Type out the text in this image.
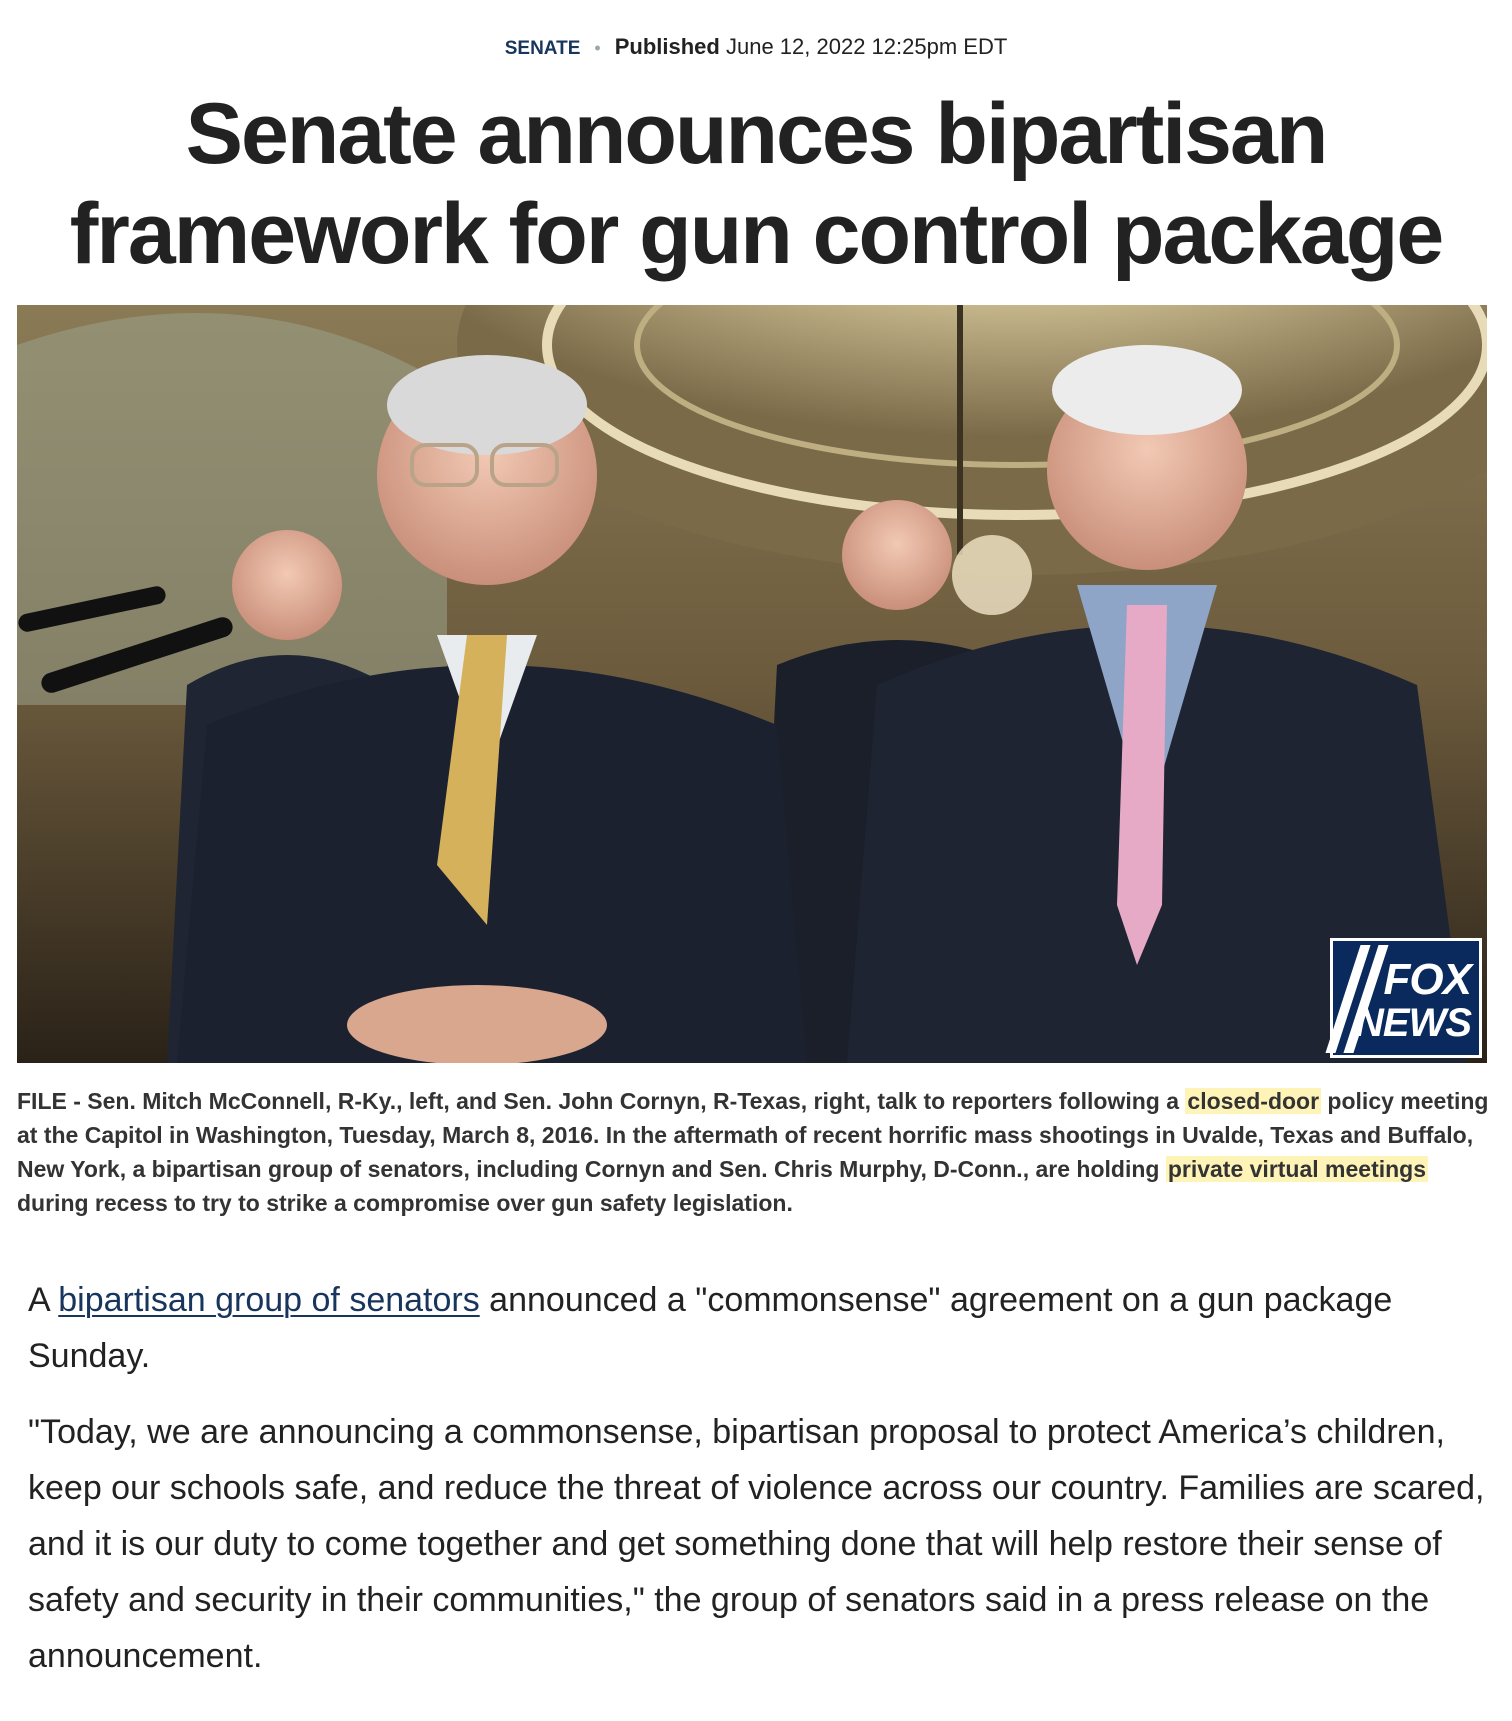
SENATE • Published June 12, 2022 12:25pm EDT
Senate announces bipartisan
framework for gun control package
FOX
NEWS

FILE - Sen. Mitch McConnell, R-Ky., left, and Sen. John Cornyn, R-Texas, right, talk to reporters following a closed-door policy meeting at the Capitol in Washington, Tuesday, March 8, 2016. In the aftermath of recent horrific mass shootings in Uvalde, Texas and Buffalo, New York, a bipartisan group of senators, including Cornyn and Sen. Chris Murphy, D-Conn., are holding private virtual meetings during recess to try to strike a compromise over gun safety legislation.

A bipartisan group of senators announced a "commonsense" agreement on a gun package Sunday.

"Today, we are announcing a commonsense, bipartisan proposal to protect America’s children, keep our schools safe, and reduce the threat of violence across our country. Families are scared, and it is our duty to come together and get something done that will help restore their sense of safety and security in their communities," the group of senators said in a press release on the announcement.
